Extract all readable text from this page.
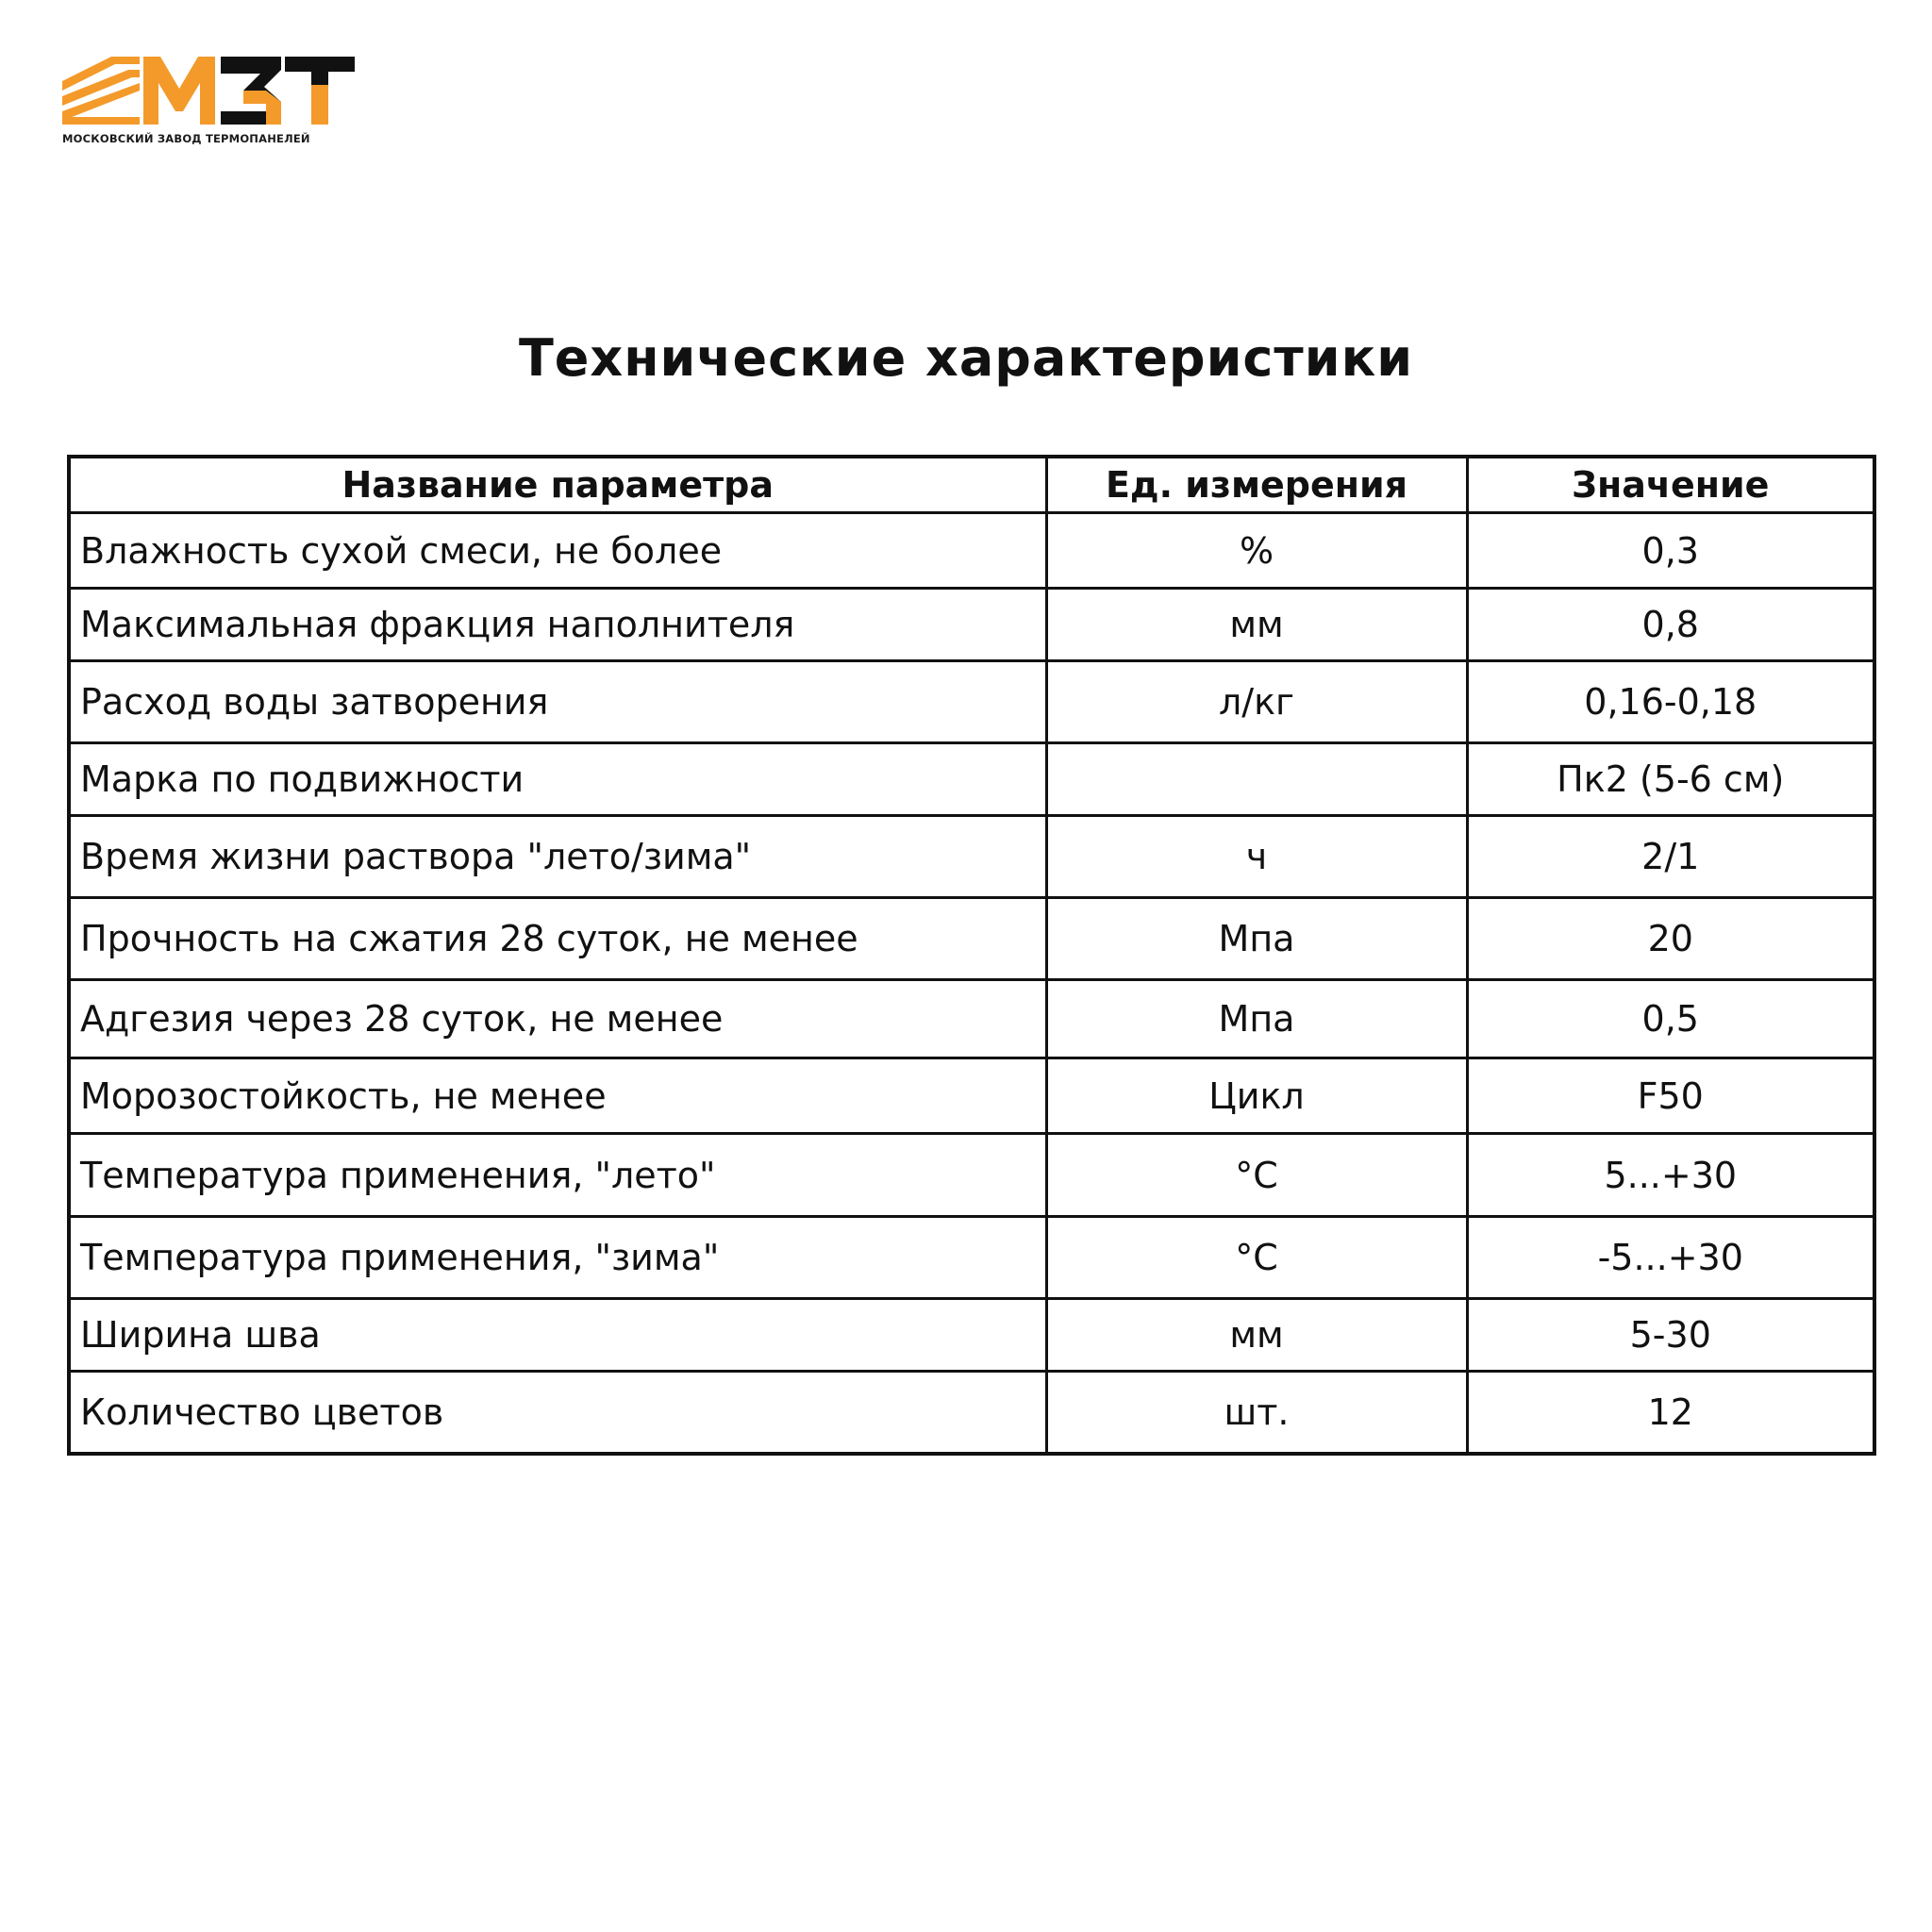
МОСКОВСКИЙ ЗАВОД ТЕРМОПАНЕЛЕЙ
Технические характеристики
Название параметра	Ед. измерения	Значение
Влажность сухой смеси, не более	%	0,3
Максимальная фракция наполнителя	мм	0,8
Расход воды затворения	л/кг	0,16-0,18
Марка по подвижности		Пк2 (5-6 см)
Время жизни раствора "лето/зима"	ч	2/1
Прочность на сжатия 28 суток, не менее	Мпа	20
Адгезия через 28 суток, не менее	Мпа	0,5
Морозостойкость, не менее	Цикл	F50
Температура применения, "лето"	°С	5...+30
Температура применения, "зима"	°С	-5...+30
Ширина шва	мм	5-30
Количество цветов	шт.	12
